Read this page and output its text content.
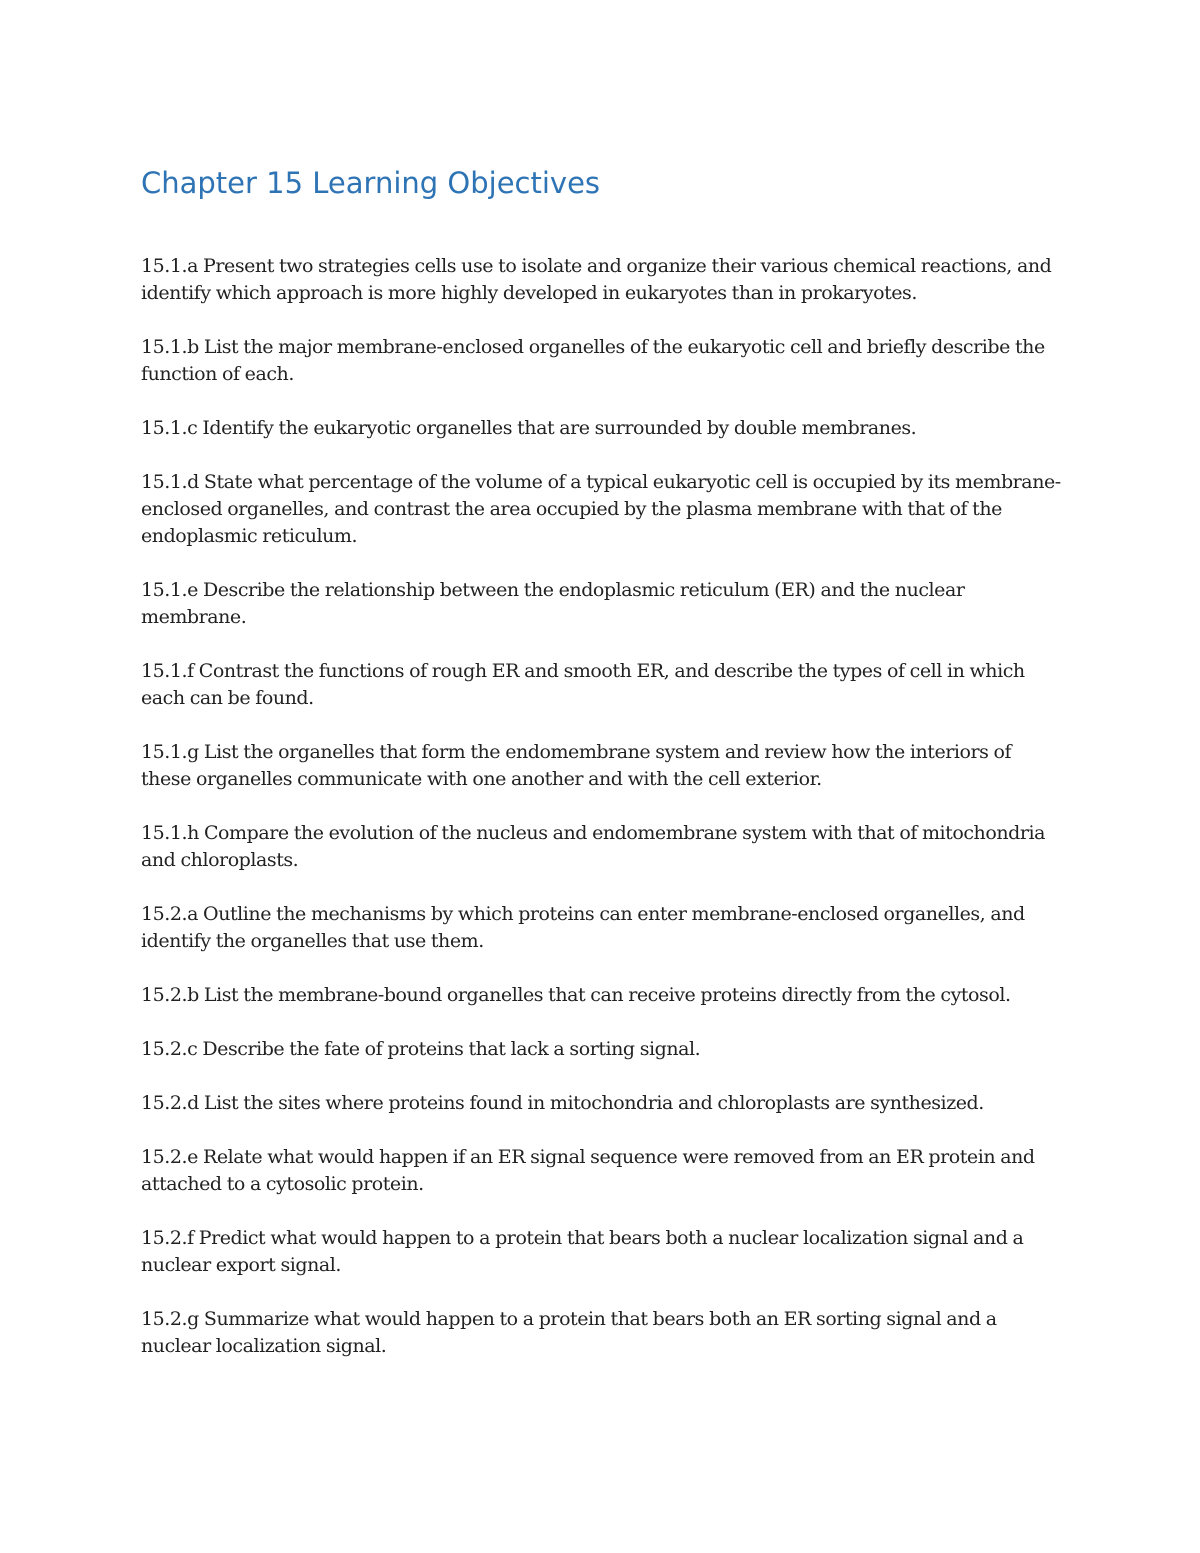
Chapter 15 Learning Objectives
15.1.a Present two strategies cells use to isolate and organize their various chemical reactions, and identify which approach is more highly developed in eukaryotes than in prokaryotes.
15.1.b List the major membrane-enclosed organelles of the eukaryotic cell and briefly describe the function of each.
15.1.c Identify the eukaryotic organelles that are surrounded by double membranes.
15.1.d State what percentage of the volume of a typical eukaryotic cell is occupied by its membrane-enclosed organelles, and contrast the area occupied by the plasma membrane with that of the endoplasmic reticulum.
15.1.e Describe the relationship between the endoplasmic reticulum (ER) and the nuclear membrane.
15.1.f Contrast the functions of rough ER and smooth ER, and describe the types of cell in which each can be found.
15.1.g List the organelles that form the endomembrane system and review how the interiors of these organelles communicate with one another and with the cell exterior.
15.1.h Compare the evolution of the nucleus and endomembrane system with that of mitochondria and chloroplasts.
15.2.a Outline the mechanisms by which proteins can enter membrane-enclosed organelles, and identify the organelles that use them.
15.2.b List the membrane-bound organelles that can receive proteins directly from the cytosol.
15.2.c Describe the fate of proteins that lack a sorting signal.
15.2.d List the sites where proteins found in mitochondria and chloroplasts are synthesized.
15.2.e Relate what would happen if an ER signal sequence were removed from an ER protein and attached to a cytosolic protein.
15.2.f Predict what would happen to a protein that bears both a nuclear localization signal and a nuclear export signal.
15.2.g Summarize what would happen to a protein that bears both an ER sorting signal and a nuclear localization signal.
